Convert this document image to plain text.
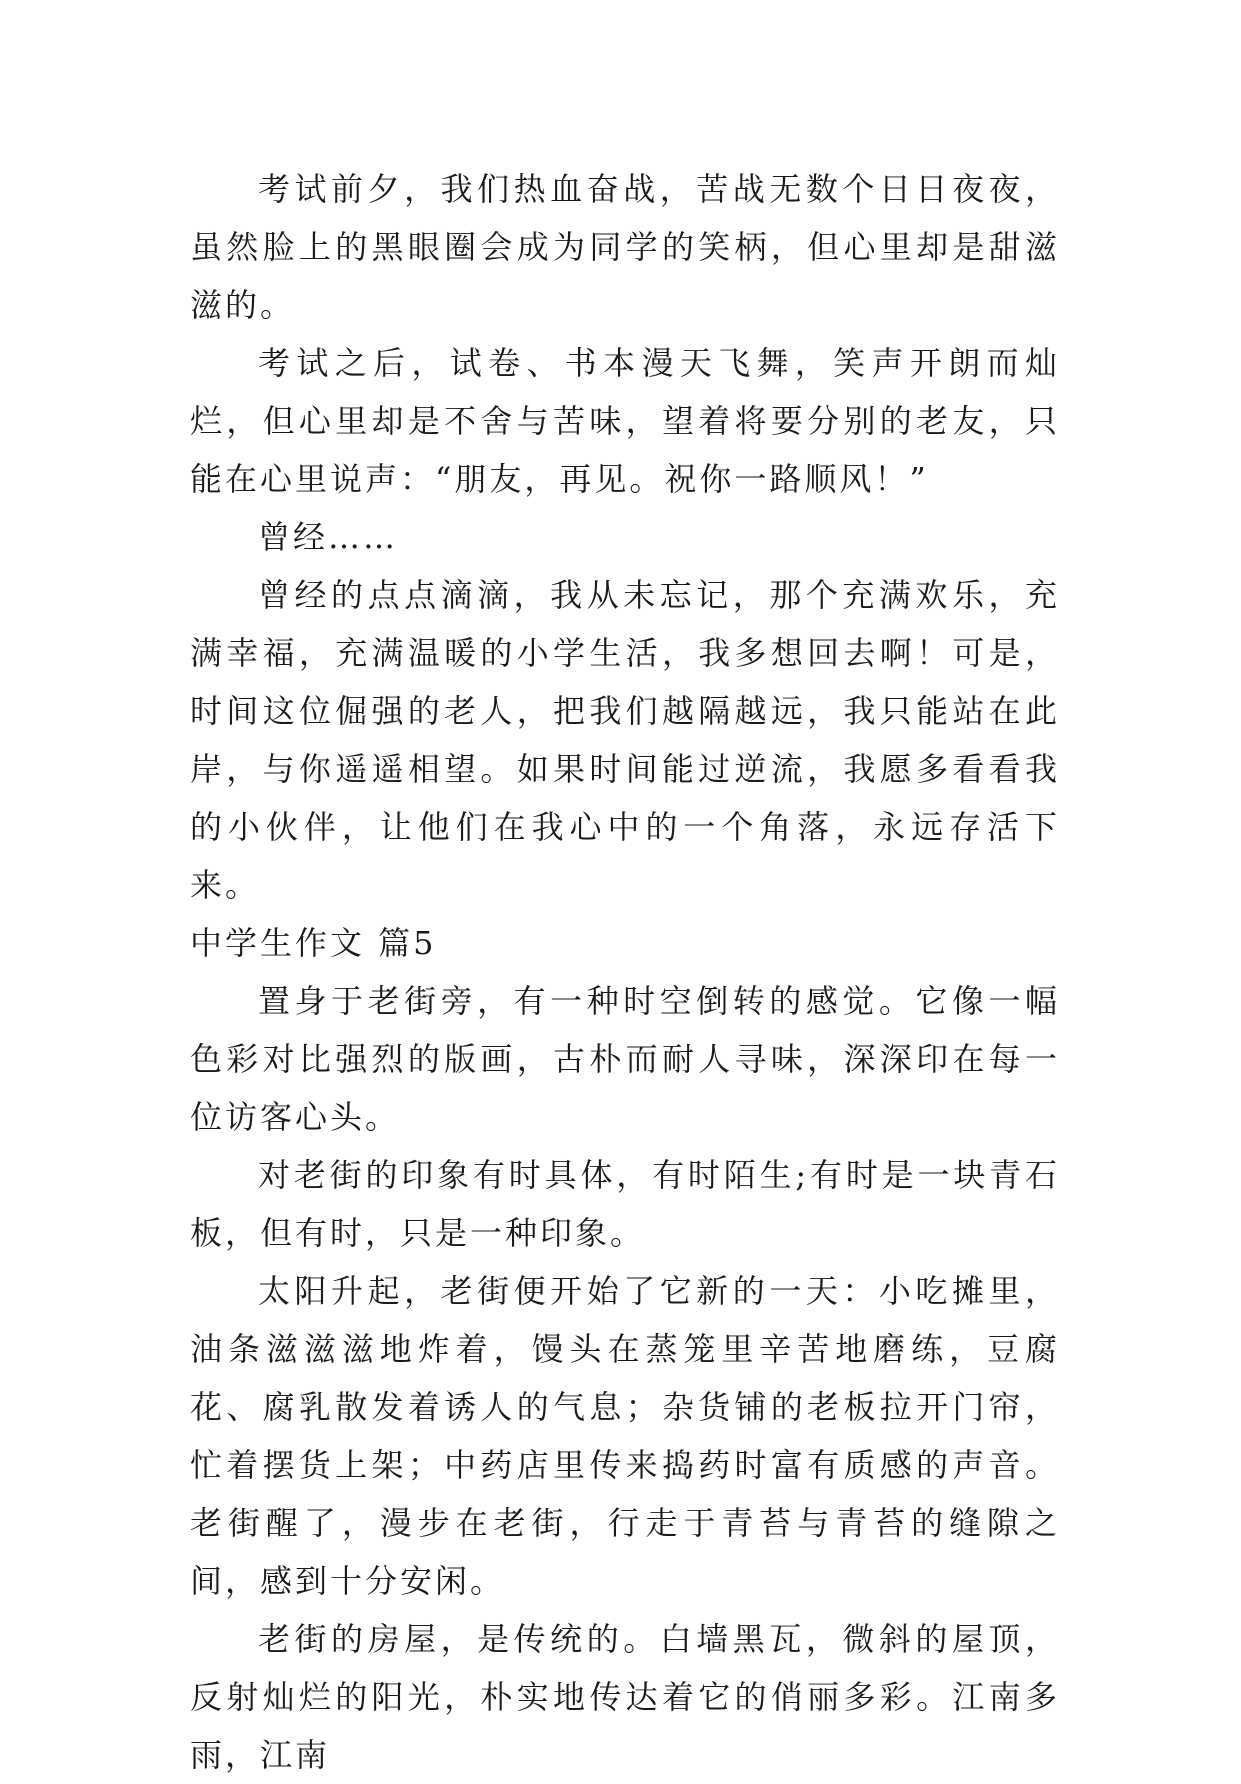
考试前夕，我们热血奋战，苦战无数个日日夜夜，虽然脸上的黑眼圈会成为同学的笑柄，但心里却是甜滋滋的。

考试之后，试卷、书本漫天飞舞，笑声开朗而灿烂，但心里却是不舍与苦味，望着将要分别的老友，只能在心里说声：“朋友，再见。祝你一路顺风！”

曾经……

曾经的点点滴滴，我从未忘记，那个充满欢乐，充满幸福，充满温暖的小学生活，我多想回去啊！可是，时间这位倔强的老人，把我们越隔越远，我只能站在此岸，与你遥遥相望。如果时间能过逆流，我愿多看看我的小伙伴，让他们在我心中的一个角落，永远存活下来。

中学生作文 篇5

置身于老街旁，有一种时空倒转的感觉。它像一幅色彩对比强烈的版画，古朴而耐人寻味，深深印在每一位访客心头。

对老街的印象有时具体，有时陌生;有时是一块青石板，但有时，只是一种印象。

太阳升起，老街便开始了它新的一天：小吃摊里，油条滋滋滋地炸着，馒头在蒸笼里辛苦地磨练，豆腐花、腐乳散发着诱人的气息；杂货铺的老板拉开门帘，忙着摆货上架；中药店里传来捣药时富有质感的声音。老街醒了，漫步在老街，行走于青苔与青苔的缝隙之间，感到十分安闲。

老街的房屋，是传统的。白墙黑瓦，微斜的屋顶，反射灿烂的阳光，朴实地传达着它的俏丽多彩。江南多雨，江南
